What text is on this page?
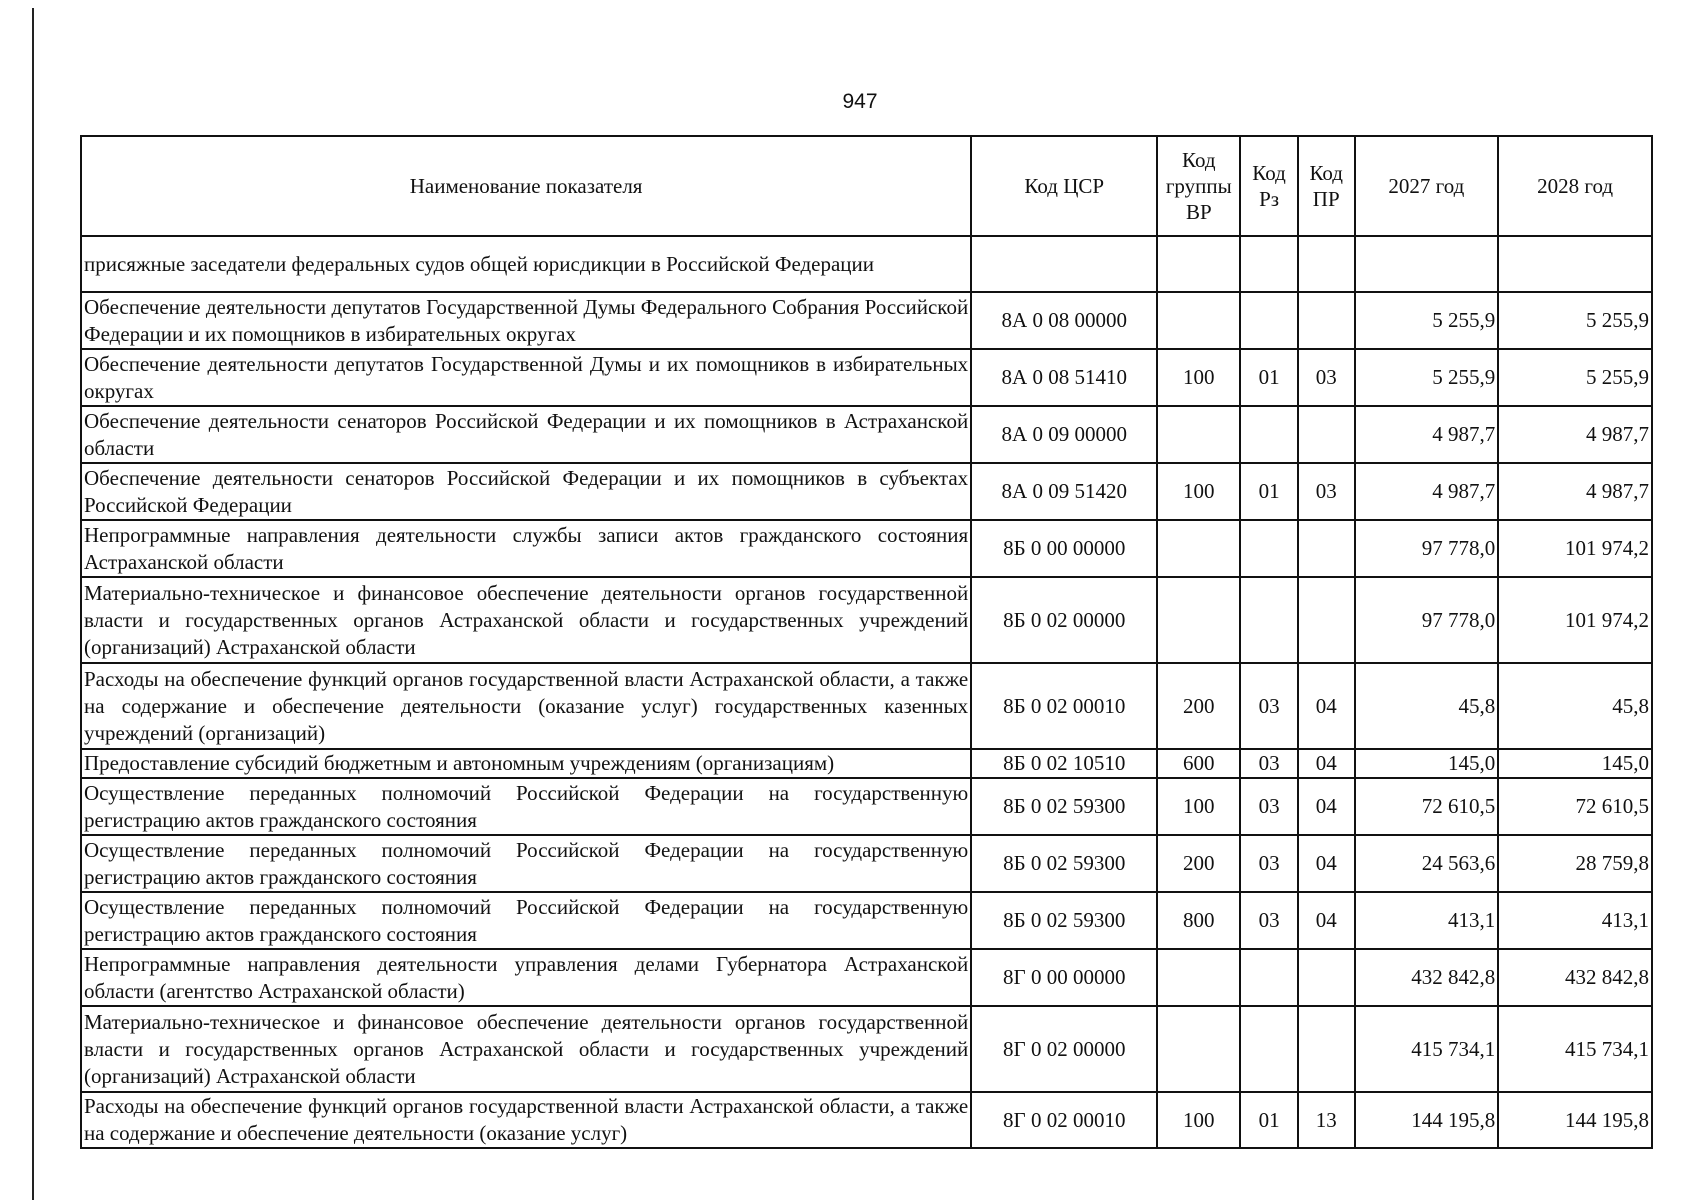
947
Наименование показателя	Код ЦСР	Код группы ВР	Код Рз	Код ПР	2027 год	2028 год
присяжные заседатели федеральных судов общей юрисдикции в Российской Федерации						
Обеспечение деятельности депутатов Государственной Думы Федерального Собрания Российской Федерации и их помощников в избирательных округах	8А 0 08 00000				5 255,9	5 255,9
Обеспечение деятельности депутатов Государственной Думы и их помощников в избирательных округах	8А 0 08 51410	100	01	03	5 255,9	5 255,9
Обеспечение деятельности сенаторов Российской Федерации и их помощников в Астраханской области	8А 0 09 00000				4 987,7	4 987,7
Обеспечение деятельности сенаторов Российской Федерации и их помощников в субъектах Российской Федерации	8А 0 09 51420	100	01	03	4 987,7	4 987,7
Непрограммные направления деятельности службы записи актов гражданского состояния Астраханской области	8Б 0 00 00000				97 778,0	101 974,2
Материально-техническое и финансовое обеспечение деятельности органов государственной власти и государственных органов Астраханской области и государственных учреждений (организаций) Астраханской области	8Б 0 02 00000				97 778,0	101 974,2
Расходы на обеспечение функций органов государственной власти Астраханской области, а также на содержание и обеспечение деятельности (оказание услуг) государственных казенных учреждений (организаций)	8Б 0 02 00010	200	03	04	45,8	45,8
Предоставление субсидий бюджетным и автономным учреждениям (организациям)	8Б 0 02 10510	600	03	04	145,0	145,0
Осуществление переданных полномочий Российской Федерации на государственную регистрацию актов гражданского состояния	8Б 0 02 59300	100	03	04	72 610,5	72 610,5
Осуществление переданных полномочий Российской Федерации на государственную регистрацию актов гражданского состояния	8Б 0 02 59300	200	03	04	24 563,6	28 759,8
Осуществление переданных полномочий Российской Федерации на государственную регистрацию актов гражданского состояния	8Б 0 02 59300	800	03	04	413,1	413,1
Непрограммные направления деятельности управления делами Губернатора Астраханской области (агентство Астраханской области)	8Г 0 00 00000				432 842,8	432 842,8
Материально-техническое и финансовое обеспечение деятельности органов государственной власти и государственных органов Астраханской области и государственных учреждений (организаций) Астраханской области	8Г 0 02 00000				415 734,1	415 734,1
Расходы на обеспечение функций органов государственной власти Астраханской области, а также на содержание и обеспечение деятельности (оказание услуг)	8Г 0 02 00010	100	01	13	144 195,8	144 195,8
